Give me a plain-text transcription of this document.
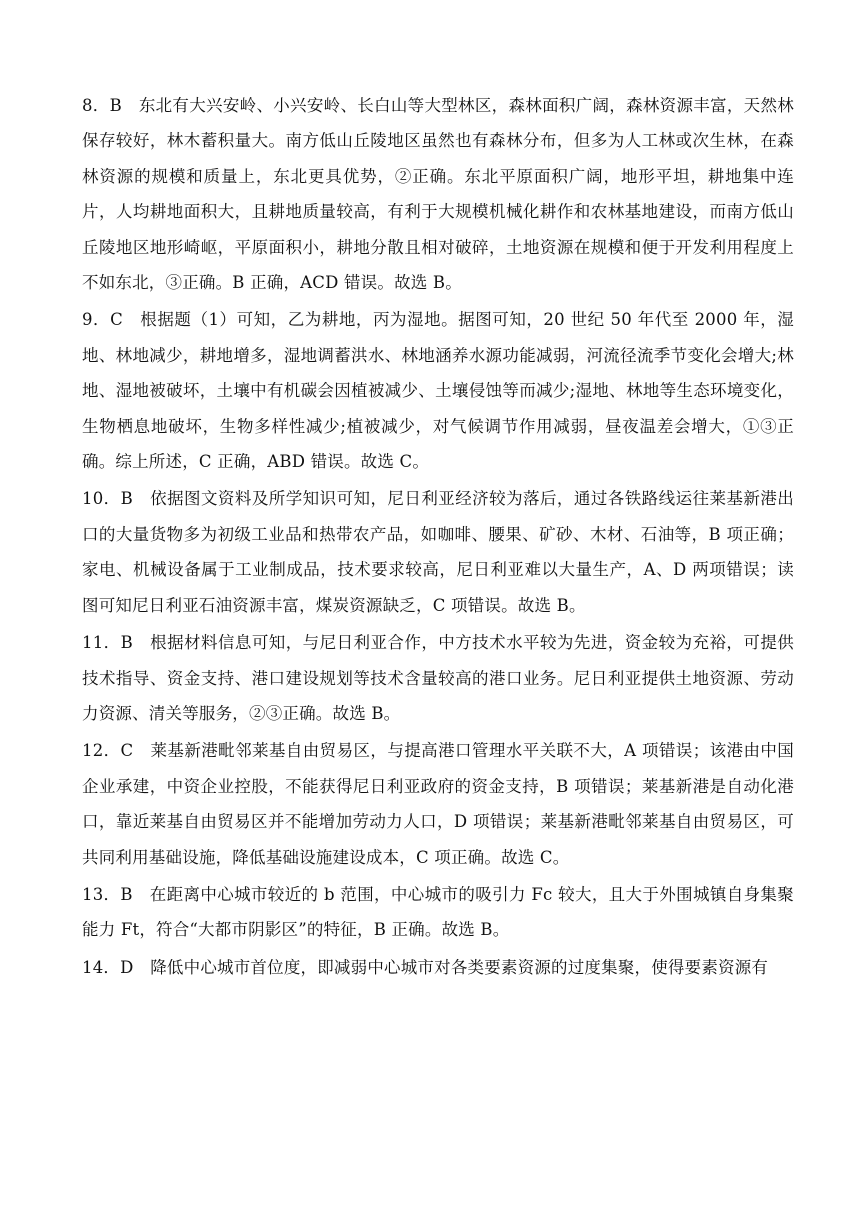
8．B　东北有大兴安岭、小兴安岭、长白山等大型林区，森林面积广阔，森林资源丰富，天然林保存较好，林木蓄积量大。南方低山丘陵地区虽然也有森林分布，但多为人工林或次生林，在森林资源的规模和质量上，东北更具优势，②正确。东北平原面积广阔，地形平坦，耕地集中连片，人均耕地面积大，且耕地质量较高，有利于大规模机械化耕作和农林基地建设，而南方低山丘陵地区地形崎岖，平原面积小，耕地分散且相对破碎，土地资源在规模和便于开发利用程度上不如东北，③正确。B 正确，ACD 错误。故选 B。

9．C　根据题（1）可知，乙为耕地，丙为湿地。据图可知，20 世纪 50 年代至 2000 年，湿地、林地减少，耕地增多，湿地调蓄洪水、林地涵养水源功能减弱，河流径流季节变化会增大;林地、湿地被破坏，土壤中有机碳会因植被减少、土壤侵蚀等而减少;湿地、林地等生态环境变化，生物栖息地破坏，生物多样性减少;植被减少，对气候调节作用减弱，昼夜温差会增大，①③正确。综上所述，C 正确，ABD 错误。故选 C。

10．B　依据图文资料及所学知识可知，尼日利亚经济较为落后，通过各铁路线运往莱基新港出口的大量货物多为初级工业品和热带农产品，如咖啡、腰果、矿砂、木材、石油等，B 项正确；家电、机械设备属于工业制成品，技术要求较高，尼日利亚难以大量生产，A、D 两项错误；读图可知尼日利亚石油资源丰富，煤炭资源缺乏，C 项错误。故选 B。

11．B　根据材料信息可知，与尼日利亚合作，中方技术水平较为先进，资金较为充裕，可提供技术指导、资金支持、港口建设规划等技术含量较高的港口业务。尼日利亚提供土地资源、劳动力资源、清关等服务，②③正确。故选 B。

12．C　莱基新港毗邻莱基自由贸易区，与提高港口管理水平关联不大，A 项错误；该港由中国企业承建，中资企业控股，不能获得尼日利亚政府的资金支持，B 项错误；莱基新港是自动化港口，靠近莱基自由贸易区并不能增加劳动力人口，D 项错误；莱基新港毗邻莱基自由贸易区，可共同利用基础设施，降低基础设施建设成本，C 项正确。故选 C。

13．B　在距离中心城市较近的 b 范围，中心城市的吸引力 Fc 较大，且大于外围城镇自身集聚能力 Ft，符合“大都市阴影区”的特征，B 正确。故选 B。

14．D　降低中心城市首位度，即减弱中心城市对各类要素资源的过度集聚，使得要素资源有
